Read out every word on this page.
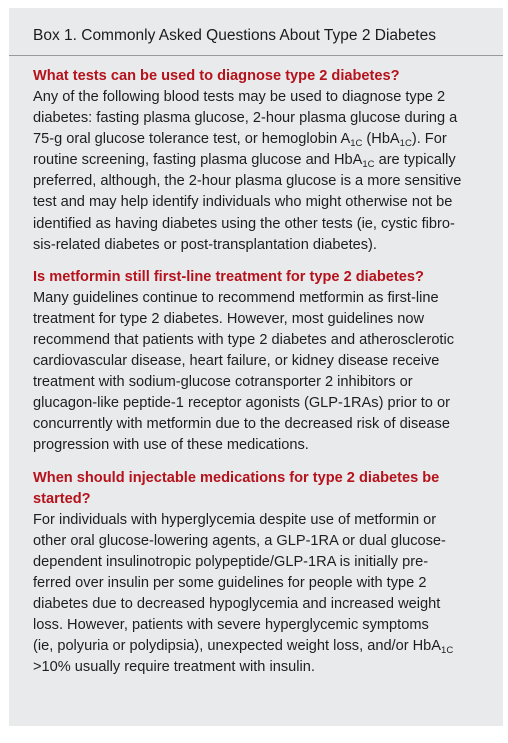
Box 1. Commonly Asked Questions About Type 2 Diabetes

What tests can be used to diagnose type 2 diabetes?

Any of the following blood tests may be used to diagnose type 2
diabetes: fasting plasma glucose, 2-hour plasma glucose during a
75-g oral glucose tolerance test, or hemoglobin $A_{1C}$ (HbA$_{1C}$). For
routine screening, fasting plasma glucose and HbA$_{1C}$ are typically
preferred, although, the 2-hour plasma glucose is a more sensitive
test and may help identify individuals who might otherwise not be
identified as having diabetes using the other tests (ie, cystic fibro-
sis-related diabetes or post-transplantation diabetes).

Is metformin still first-line treatment for type 2 diabetes?

Many guidelines continue to recommend metformin as first-line
treatment for type 2 diabetes. However, most guidelines now
recommend that patients with type 2 diabetes and atherosclerotic
cardiovascular disease, heart failure, or kidney disease receive
treatment with sodium-glucose cotransporter 2 inhibitors or
glucagon-like peptide-1 receptor agonists (GLP-1RAs) prior to or
concurrently with metformin due to the decreased risk of disease
progression with use of these medications.

When should injectable medications for type 2 diabetes be started?

For individuals with hyperglycemia despite use of metformin or
other oral glucose-lowering agents, a GLP-1RA or dual glucose-
dependent insulinotropic polypeptide/GLP-1RA is initially pre-
ferred over insulin per some guidelines for people with type 2
diabetes due to decreased hypoglycemia and increased weight
loss. However, patients with severe hyperglycemic symptoms
(ie, polyuria or polydipsia), unexpected weight loss, and/or HbA$_{1C}$
>10% usually require treatment with insulin.
